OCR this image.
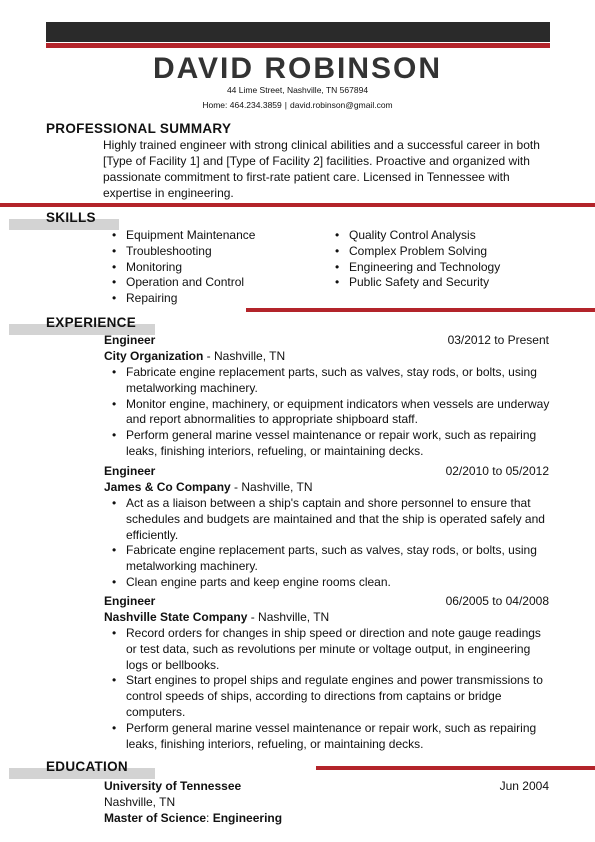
DAVID ROBINSON
44 Lime Street, Nashville, TN 567894
Home: 464.234.3859 | david.robinson@gmail.com
PROFESSIONAL SUMMARY
Highly trained engineer with strong clinical abilities and a successful career in both [Type of Facility 1] and [Type of Facility 2] facilities. Proactive and organized with passionate commitment to first-rate patient care. Licensed in Tennessee with expertise in engineering.
SKILLS
• Equipment Maintenance
• Troubleshooting
• Monitoring
• Operation and Control
• Repairing
• Quality Control Analysis
• Complex Problem Solving
• Engineering and Technology
• Public Safety and Security
EXPERIENCE
Engineer	03/2012 to Present
City Organization - Nashville, TN
• Fabricate engine replacement parts, such as valves, stay rods, or bolts, using metalworking machinery.
• Monitor engine, machinery, or equipment indicators when vessels are underway and report abnormalities to appropriate shipboard staff.
• Perform general marine vessel maintenance or repair work, such as repairing leaks, finishing interiors, refueling, or maintaining decks.
Engineer	02/2010 to 05/2012
James & Co Company - Nashville, TN
• Act as a liaison between a ship's captain and shore personnel to ensure that schedules and budgets are maintained and that the ship is operated safely and efficiently.
• Fabricate engine replacement parts, such as valves, stay rods, or bolts, using metalworking machinery.
• Clean engine parts and keep engine rooms clean.
Engineer	06/2005 to 04/2008
Nashville State Company - Nashville, TN
• Record orders for changes in ship speed or direction and note gauge readings or test data, such as revolutions per minute or voltage output, in engineering logs or bellbooks.
• Start engines to propel ships and regulate engines and power transmissions to control speeds of ships, according to directions from captains or bridge computers.
• Perform general marine vessel maintenance or repair work, such as repairing leaks, finishing interiors, refueling, or maintaining decks.
EDUCATION
University of Tennessee	Jun 2004
Nashville, TN
Master of Science: Engineering
